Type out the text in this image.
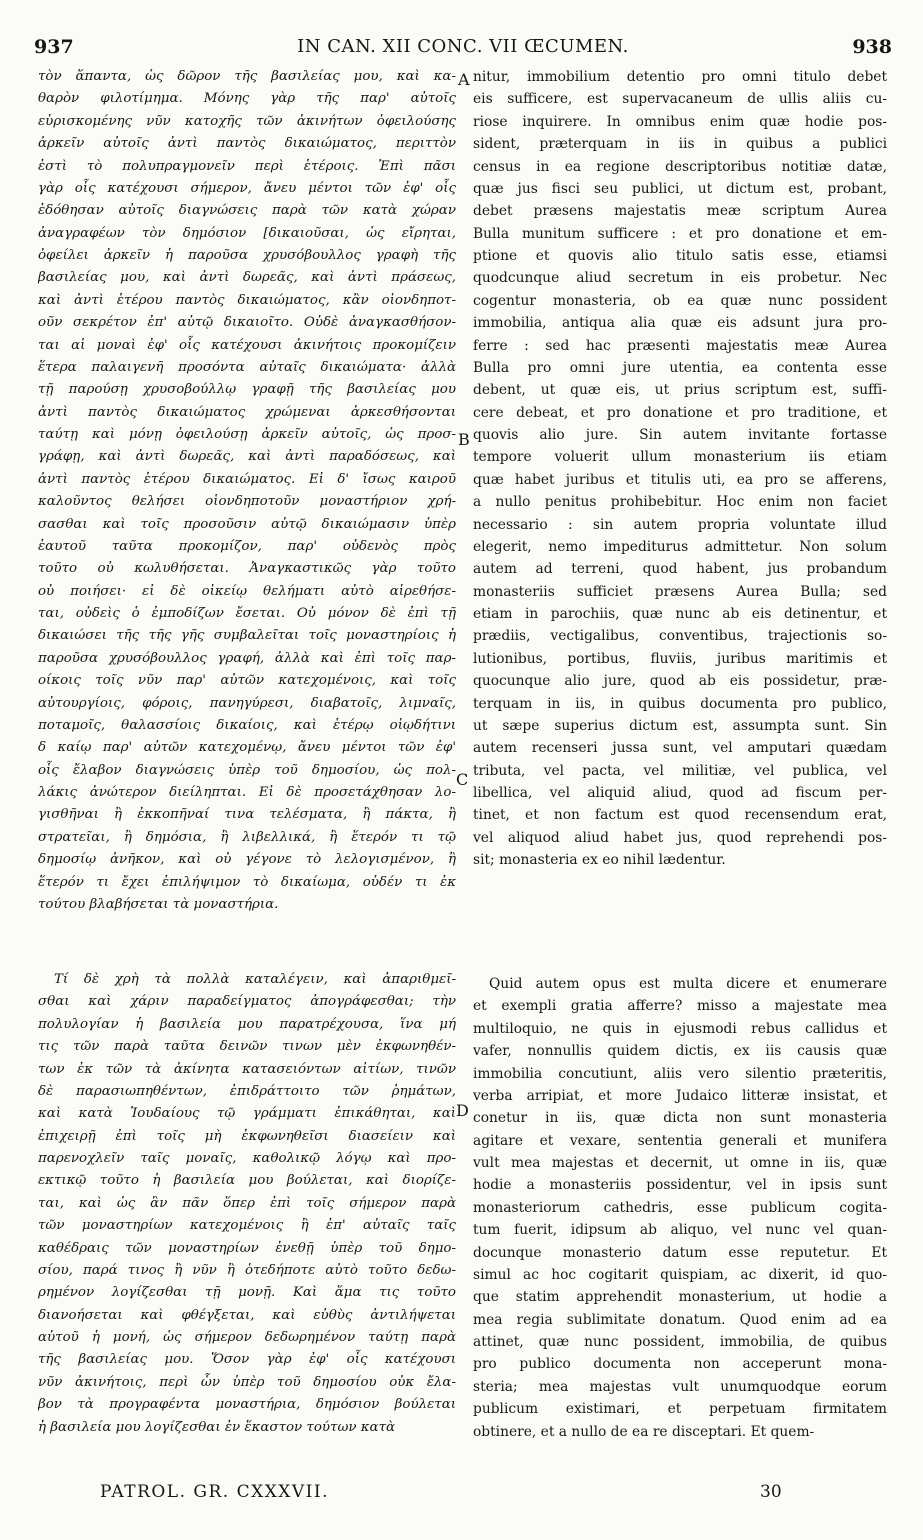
937	IN CAN. XII CONC. VII ŒCUMEN.	938
τὸν ἅπαντα, ὡς δῶρον τῆς βασιλείας μου, καὶ κα-
θαρὸν φιλοτίμημα. Μόνης γὰρ τῆς παρ' αὐτοῖς
εὑρισκομένης νῦν κατοχῆς τῶν ἀκινήτων ὀφειλούσης
ἀρκεῖν αὐτοῖς ἀντὶ παντὸς δικαιώματος, περιττὸν
ἐστὶ τὸ πολυπραγμονεῖν περὶ ἑτέροις. Ἐπὶ πᾶσι
γὰρ οἷς κατέχουσι σήμερον, ἄνευ μέντοι τῶν ἐφ' οἷς
ἐδόθησαν αὐτοῖς διαγνώσεις παρὰ τῶν κατὰ χώραν
ἀναγραφέων τὸν δημόσιον [δικαιοῦσαι, ὡς εἴρηται,
ὀφείλει ἀρκεῖν ἡ παροῦσα χρυσόβουλλος γραφὴ τῆς
βασιλείας μου, καὶ ἀντὶ δωρεᾶς, καὶ ἀντὶ πράσεως,
καὶ ἀντὶ ἑτέρου παντὸς δικαιώματος, κἂν οἱονδηποτ-
οῦν σεκρέτον ἐπ' αὐτῷ δικαιοῖτο. Οὐδὲ ἀναγκασθήσον-
ται αἱ μοναὶ ἐφ' οἷς κατέχουσι ἀκινήτοις προκομίζειν
ἕτερα παλαιγενῆ προσόντα αὐταῖς δικαιώματα· ἀλλὰ
τῇ παρούσῃ χρυσοβούλλῳ γραφῇ τῆς βασιλείας μου
ἀντὶ παντὸς δικαιώματος χρώμεναι ἀρκεσθήσονται
ταύτῃ καὶ μόνῃ ὀφειλούσῃ ἀρκεῖν αὐτοῖς, ὡς προσ-
γράφῃ, καὶ ἀντὶ δωρεᾶς, καὶ ἀντὶ παραδόσεως, καὶ
ἀντὶ παντὸς ἑτέρου δικαιώματος. Εἰ δ' ἴσως καιροῦ
καλοῦντος θελήσει οἱονδηποτοῦν μοναστήριον χρή-
σασθαι καὶ τοῖς προσοῦσιν αὐτῷ δικαιώμασιν ὑπὲρ
ἑαυτοῦ ταῦτα προκομίζον, παρ' οὐδενὸς πρὸς
τοῦτο οὐ κωλυθήσεται. Ἀναγκαστικῶς γὰρ τοῦτο
οὐ ποιήσει· εἰ δὲ οἰκείῳ θελήματι αὐτὸ αἱρεθήσε-
ται, οὐδεὶς ὁ ἐμποδίζων ἔσεται. Οὐ μόνον δὲ ἐπὶ τῇ
δικαιώσει τῆς τῆς γῆς συμβαλεῖται τοῖς μοναστηρίοις ἡ
παροῦσα χρυσόβουλλος γραφή, ἀλλὰ καὶ ἐπὶ τοῖς παρ-
οίκοις τοῖς νῦν παρ' αὐτῶν κατεχομένοις, καὶ τοῖς
αὐτουργίοις, φόροις, πανηγύρεσι, διαβατοῖς, λιμναῖς,
ποταμοῖς, θαλασσίοις δικαίοις, καὶ ἑτέρῳ οἱῳδήτινι
δ καίῳ παρ' αὐτῶν κατεχομένῳ, ἄνευ μέντοι τῶν ἐφ'
οἷς ἔλαβον διαγνώσεις ὑπὲρ τοῦ δημοσίου, ὡς πολ-
λάκις ἀνώτερον διείληπται. Εἰ δὲ προσετάχθησαν λο-
γισθῆναι ἢ ἐκκοπῆναί τινα τελέσματα, ἢ πάκτα, ἢ
στρατεῖαι, ἢ δημόσια, ἢ λιβελλικά, ἢ ἕτερόν τι τῷ
δημοσίῳ ἀνῆκον, καὶ οὐ γέγονε τὸ λελογισμένον, ἢ
ἕτερόν τι ἔχει ἐπιλήψιμον τὸ δικαίωμα, οὐδέν τι ἐκ
τούτου βλαβήσεται τὰ μοναστήρια.
nitur, immobilium detentio pro omni titulo debet
eis sufficere, est supervacaneum de ullis aliis cu-
riose inquirere. In omnibus enim quæ hodie pos-
sident, præterquam in iis in quibus a publici
census in ea regione descriptoribus notitiæ datæ,
quæ jus fisci seu publici, ut dictum est, probant,
debet præsens majestatis meæ scriptum Aurea
Bulla munitum sufficere : et pro donatione et em-
ptione et quovis alio titulo satis esse, etiamsi
quodcunque aliud secretum in eis probetur. Nec
cogentur monasteria, ob ea quæ nunc possident
immobilia, antiqua alia quæ eis adsunt jura pro-
ferre : sed hac præsenti majestatis meæ Aurea
Bulla pro omni jure utentia, ea contenta esse
debent, ut quæ eis, ut prius scriptum est, suffi-
cere debeat, et pro donatione et pro traditione, et
quovis alio jure. Sin autem invitante fortasse
tempore voluerit ullum monasterium iis etiam
quæ habet juribus et titulis uti, ea pro se afferens,
a nullo penitus prohibebitur. Hoc enim non faciet
necessario : sin autem propria voluntate illud
elegerit, nemo impediturus admittetur. Non solum
autem ad terreni, quod habent, jus probandum
monasteriis sufficiet præsens Aurea Bulla; sed
etiam in parochiis, quæ nunc ab eis detinentur, et
prædiis, vectigalibus, conventibus, trajectionis so-
lutionibus, portibus, fluviis, juribus maritimis et
quocunque alio jure, quod ab eis possidetur, præ-
terquam in iis, in quibus documenta pro publico,
ut sæpe superius dictum est, assumpta sunt. Sin
autem recenseri jussa sunt, vel amputari quædam
tributa, vel pacta, vel militiæ, vel publica, vel
libellica, vel aliquid aliud, quod ad fiscum per-
tinet, et non factum est quod recensendum erat,
vel aliquod aliud habet jus, quod reprehendi pos-
sit; monasteria ex eo nihil lædentur.
Τί δὲ χρὴ τὰ πολλὰ καταλέγειν, καὶ ἀπαριθμεῖ-
σθαι καὶ χάριν παραδείγματος ἀπογράφεσθαι; τὴν
πολυλογίαν ἡ βασιλεία μου παρατρέχουσα, ἵνα μή
τις τῶν παρὰ ταῦτα δεινῶν τινων μὲν ἐκφωνηθέν-
των ἐκ τῶν τὰ ἀκίνητα κατασειόντων αἰτίων, τινῶν
δὲ παρασιωπηθέντων, ἐπιδράττοιτο τῶν ῥημάτων,
καὶ κατὰ Ἰουδαίους τῷ γράμματι ἐπικάθηται, καὶ
ἐπιχειρῇ ἐπὶ τοῖς μὴ ἐκφωνηθεῖσι διασείειν καὶ
παρενοχλεῖν ταῖς μοναῖς, καθολικῷ λόγῳ καὶ προ-
εκτικῷ τοῦτο ἡ βασιλεία μου βούλεται, καὶ διορίζε-
ται, καὶ ὡς ἂν πᾶν ὅπερ ἐπὶ τοῖς σήμερον παρὰ
τῶν μοναστηρίων κατεχομένοις ἢ ἐπ' αὐταῖς ταῖς
καθέδραις τῶν μοναστηρίων ἐνεθῇ ὑπὲρ τοῦ δημο-
σίου, παρά τινος ἢ νῦν ἢ ὁτεδήποτε αὐτὸ τοῦτο δεδω-
ρημένον λογίζεσθαι τῇ μονῇ. Καὶ ἅμα τις τοῦτο
διανοήσεται καὶ φθέγξεται, καὶ εὐθὺς ἀντιλήψεται
αὐτοῦ ἡ μονή, ὡς σήμερον δεδωρημένον ταύτῃ παρὰ
τῆς βασιλείας μου. Ὅσον γὰρ ἐφ' οἷς κατέχουσι
νῦν ἀκινήτοις, περὶ ὧν ὑπὲρ τοῦ δημοσίου οὐκ ἔλα-
βον τὰ προγραφέντα μοναστήρια, δημόσιον βούλεται
ἡ βασιλεία μου λογίζεσθαι ἐν ἕκαστον τούτων κατὰ
Quid autem opus est multa dicere et enumerare
et exempli gratia afferre? misso a majestate mea
multiloquio, ne quis in ejusmodi rebus callidus et
vafer, nonnullis quidem dictis, ex iis causis quæ
immobilia concutiunt, aliis vero silentio præteritis,
verba arripiat, et more Judaico litteræ insistat, et
conetur in iis, quæ dicta non sunt monasteria
agitare et vexare, sententia generali et munifera
vult mea majestas et decernit, ut omne in iis, quæ
hodie a monasteriis possidentur, vel in ipsis sunt
monasteriorum cathedris, esse publicum cogita-
tum fuerit, idipsum ab aliquo, vel nunc vel quan-
docunque monasterio datum esse reputetur. Et
simul ac hoc cogitarit quispiam, ac dixerit, id quo-
que statim apprehendit monasterium, ut hodie a
mea regia sublimitate donatum. Quod enim ad ea
attinet, quæ nunc possident, immobilia, de quibus
pro publico documenta non acceperunt mona-
steria; mea majestas vult unumquodque eorum
publicum existimari, et perpetuam firmitatem
obtinere, et a nullo de ea re disceptari. Et quem-
A
B
C
D
PATROL. GR. CXXXVII.	30
